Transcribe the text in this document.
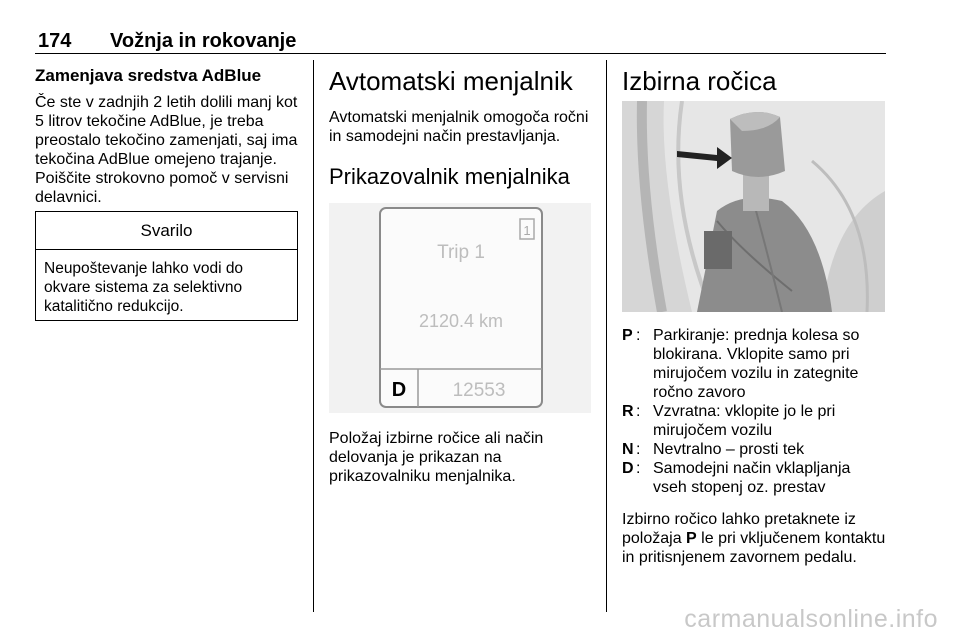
174 Vožnja in rokovanje
Zamenjava sredstva AdBlue

Če ste v zadnjih 2 letih dolili manj kot 5 litrov tekočine AdBlue, je treba preostalo tekočino zamenjati, saj ima tekočina AdBlue omejeno trajanje. Poiščite strokovno pomoč v servisni delavnici.

Svarilo
Neupoštevanje lahko vodi do okvare sistema za selektivno katalitično redukcijo.
Avtomatski menjalnik

Avtomatski menjalnik omogoča ročni in samodejni način prestavljanja.

Prikazovalnik menjalnika
1
Trip 1
2120.4 km
D 12553

Položaj izbirne ročice ali način delovanja je prikazan na prikazovalniku menjalnika.

Izbirna ročica
P : Parkiranje: prednja kolesa so blokirana. Vklopite samo pri mirujočem vozilu in zategnite ročno zavoro
R : Vzvratna: vklopite jo le pri mirujočem vozilu
N : Nevtralno – prosti tek
D : Samodejni način vklapljanja vseh stopenj oz. prestav

Izbirno ročico lahko pretaknete iz položaja P le pri vključenem kontaktu in pritisnjenem zavornem pedalu.

carmanualsonline.info
